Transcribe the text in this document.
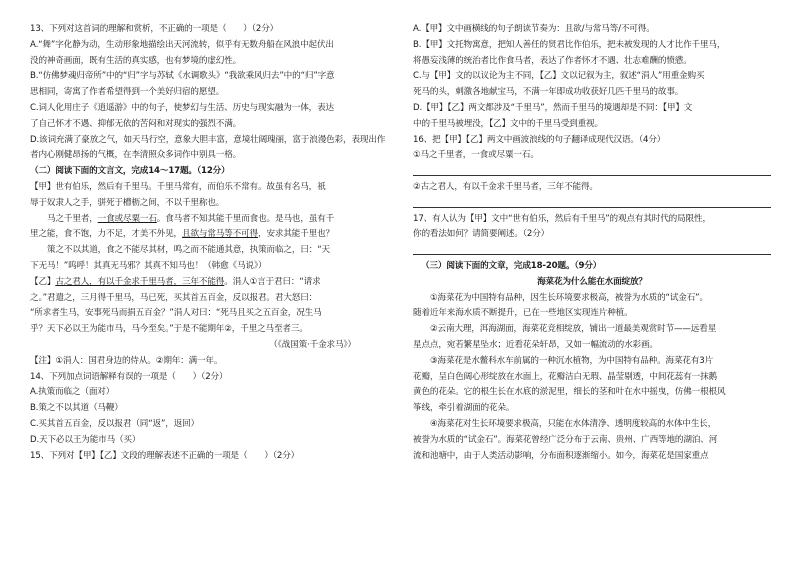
13、下列对这首词的理解和赏析，不正确的一项是（　　）（2分）
A.“舞”字化静为动，生动形象地描绘出天河流转，似乎有无数舟船在风浪中起伏出
没的神奇画面，既有生活的真实感，也有梦境的虚幻性。
B.“仿佛梦魂归帝所”中的“归”字与苏轼《水调歌头》“我欲乘风归去”中的“归”字意
思相同，寄寓了作者希望得到一个美好归宿的愿望。
C.词人化用庄子《逍遥游》中的句子，使梦幻与生活、历史与现实融为一体，表达
了自己怀才不遇、抑郁无依的苦闷和对现实的强烈不满。
D.该词充满了豪放之气，如天马行空，意象大胆丰富，意境壮阔瑰丽，富于浪漫色彩，表现出作
者内心刚健昂扬的气概，在李清照众多词作中别具一格。
（二）阅读下面的文言文，完成14～17题。（12分）
【甲】世有伯乐，然后有千里马。千里马常有，而伯乐不常有。故虽有名马，祇
辱于奴隶人之手，骈死于槽枥之间，不以千里称也。
马之千里者，一食或尽粟一石。食马者不知其能千里而食也。是马也，虽有千
里之能，食不饱，力不足，才美不外见，且欲与常马等不可得，安求其能千里也？
策之不以其道，食之不能尽其材，鸣之而不能通其意，执策而临之，曰：“天
下无马！”呜呼！其真无马邪？其真不知马也！（韩愈《马说》）
【乙】古之君人，有以千金求千里马者，三年不能得。涓人①言于君曰：“请求
之。”君遣之，三月得千里马，马已死，买其首五百金，反以报君。君大怒曰：
“所求者生马，安事死马而捐五百金？”涓人对曰：“死马且买之五百金，况生马
乎？天下必以王为能市马，马今至矣。”于是不能期年②，千里之马至者三。
（《战国策·千金求马》）
【注】①涓人：国君身边的侍从。②期年：满一年。
14、下列加点词语解释有误的一项是（　　）（2分）
A.执策而临之（面对）
B.策之不以其道（马鞭）
C.买其首五百金，反以报君（同“返”，返回）
D.天下必以王为能市马（买）
15、下列对【甲】【乙】文段的理解表述不正确的一项是（　　）（2分）
A.【甲】文中画横线的句子朗读节奏为：且欲/与常马等/不可得。
B.【甲】文托物寓意，把知人善任的贤君比作伯乐，把未被发现的人才比作千里马，
将愚妄浅薄的统治者比作食马者，表达了作者怀才不遇、壮志难酬的愤懑。
C.与【甲】文的以议论为主不同，【乙】文以记叙为主，叙述“涓人”用重金购买
死马的头，刺激各地献宝马，不满一年即成功收获好几匹千里马的故事。
D.【甲】【乙】两文都涉及“千里马”，然而千里马的境遇却是不同：【甲】文
中的千里马被埋没，【乙】文中的千里马受到重视。
16、把【甲】【乙】两文中画波浪线的句子翻译成现代汉语。（4分）
①马之千里者，一食或尽粟一石。
②古之君人，有以千金求千里马者，三年不能得。
17、有人认为【甲】文中“世有伯乐，然后有千里马”的观点有其时代的局限性，
你的看法如何？请简要阐述。（2分）
（三）阅读下面的文章，完成18-20题。（9分）
海菜花为什么能在水面绽放？
①海菜花为中国特有品种，因生长环境要求极高，被誉为水质的“试金石”。
随着近年来海水质不断提升，已在一些地区实现连片种植。
②云南大理，洱海湖面，海菜花竞相绽放，铺出一道最美观赏时节——远看星
星点点，宛若繁星坠水；近看花朵轩昂，又如一幅流动的水彩画。
③海菜花是水鳖科水车前属的一种沉水植物，为中国特有品种。海菜花有3片
花瓣，呈白色阔心形绽放在水面上，花瓣洁白无瑕、晶莹剔透，中间花蕊有一抹鹅
黄色的花朵。它的根生长在水底的淤泥里，细长的茎和叶在水中摇曳，仿佛一根根风
筝线，牵引着湖面的花朵。
④海菜花对生长环境要求极高，只能在水体清净、透明度较高的水体中生长，
被誉为水质的“试金石”。海菜花曾经广泛分布于云南、贵州、广西等地的湖泊、河
流和池塘中，由于人类活动影响，分布面积逐渐缩小。如今，海菜花是国家重点
